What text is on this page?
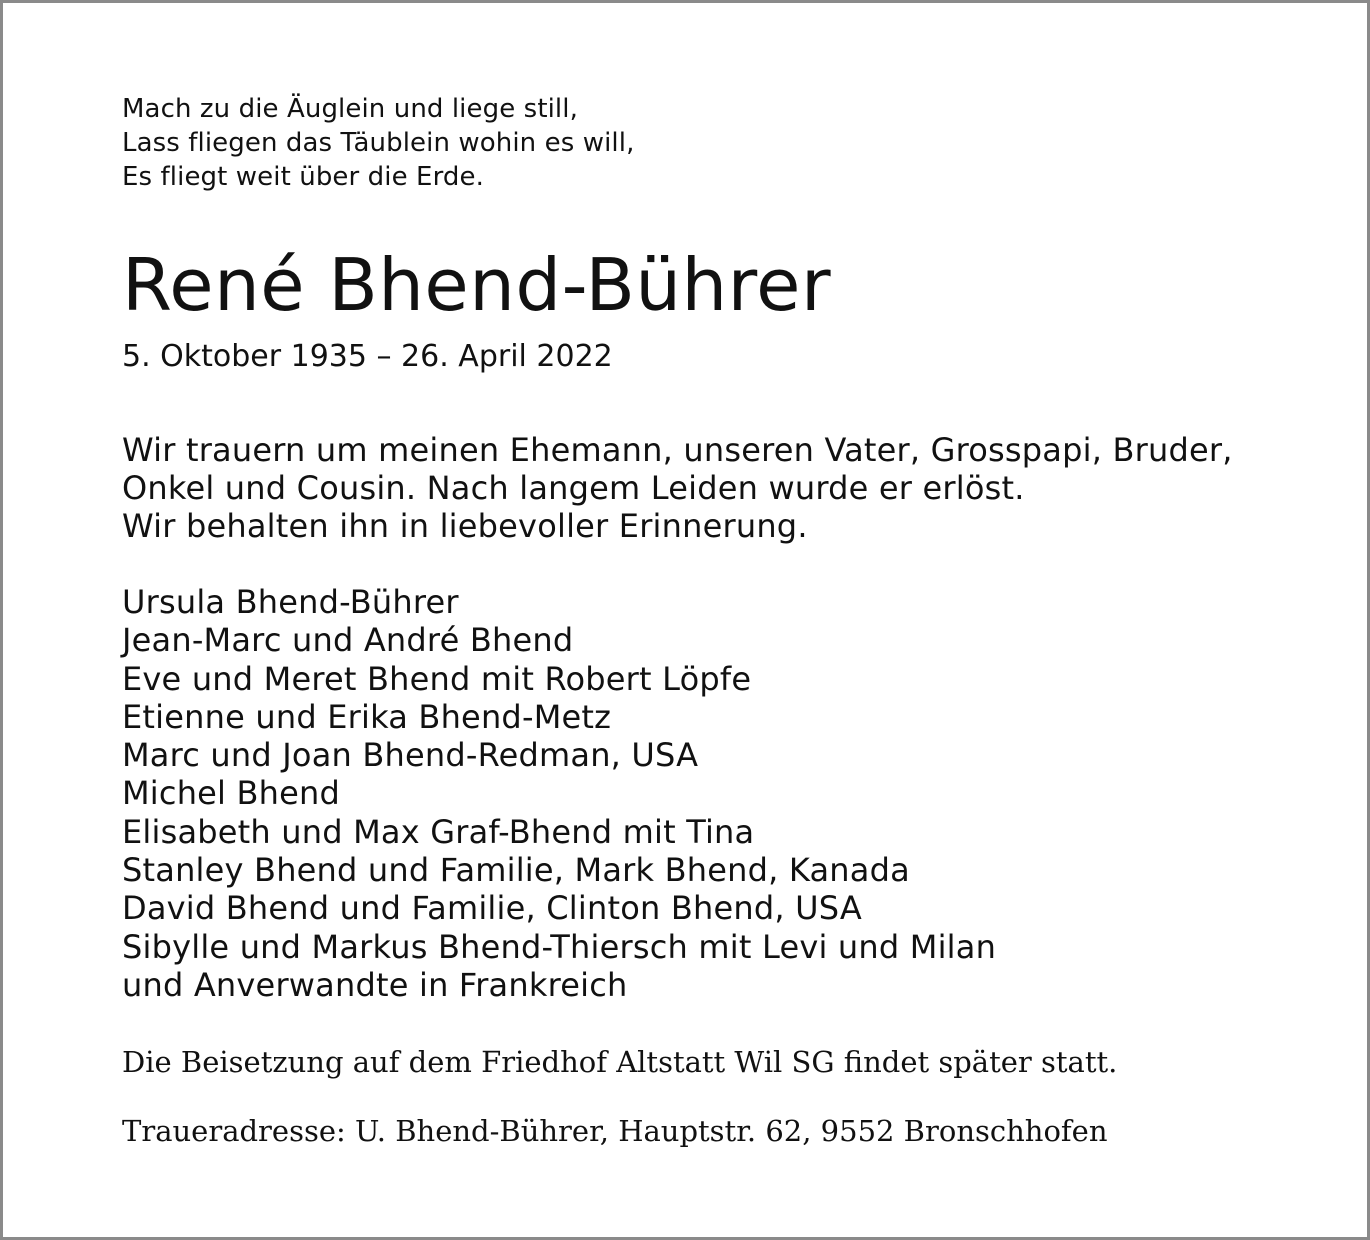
Mach zu die Äuglein und liege still,
Lass fliegen das Täublein wohin es will,
Es fliegt weit über die Erde.
René Bhend-Bührer
5. Oktober 1935 – 26. April 2022
Wir trauern um meinen Ehemann, unseren Vater, Grosspapi, Bruder,
Onkel und Cousin. Nach langem Leiden wurde er erlöst.
Wir behalten ihn in liebevoller Erinnerung.
Ursula Bhend-Bührer
Jean-Marc und André Bhend
Eve und Meret Bhend mit Robert Löpfe
Etienne und Erika Bhend-Metz
Marc und Joan Bhend-Redman, USA
Michel Bhend
Elisabeth und Max Graf-Bhend mit Tina
Stanley Bhend und Familie, Mark Bhend, Kanada
David Bhend und Familie, Clinton Bhend, USA
Sibylle und Markus Bhend-Thiersch mit Levi und Milan
und Anverwandte in Frankreich
Die Beisetzung auf dem Friedhof Altstatt Wil SG findet später statt.
Traueradresse: U. Bhend-Bührer, Hauptstr. 62, 9552 Bronschhofen
